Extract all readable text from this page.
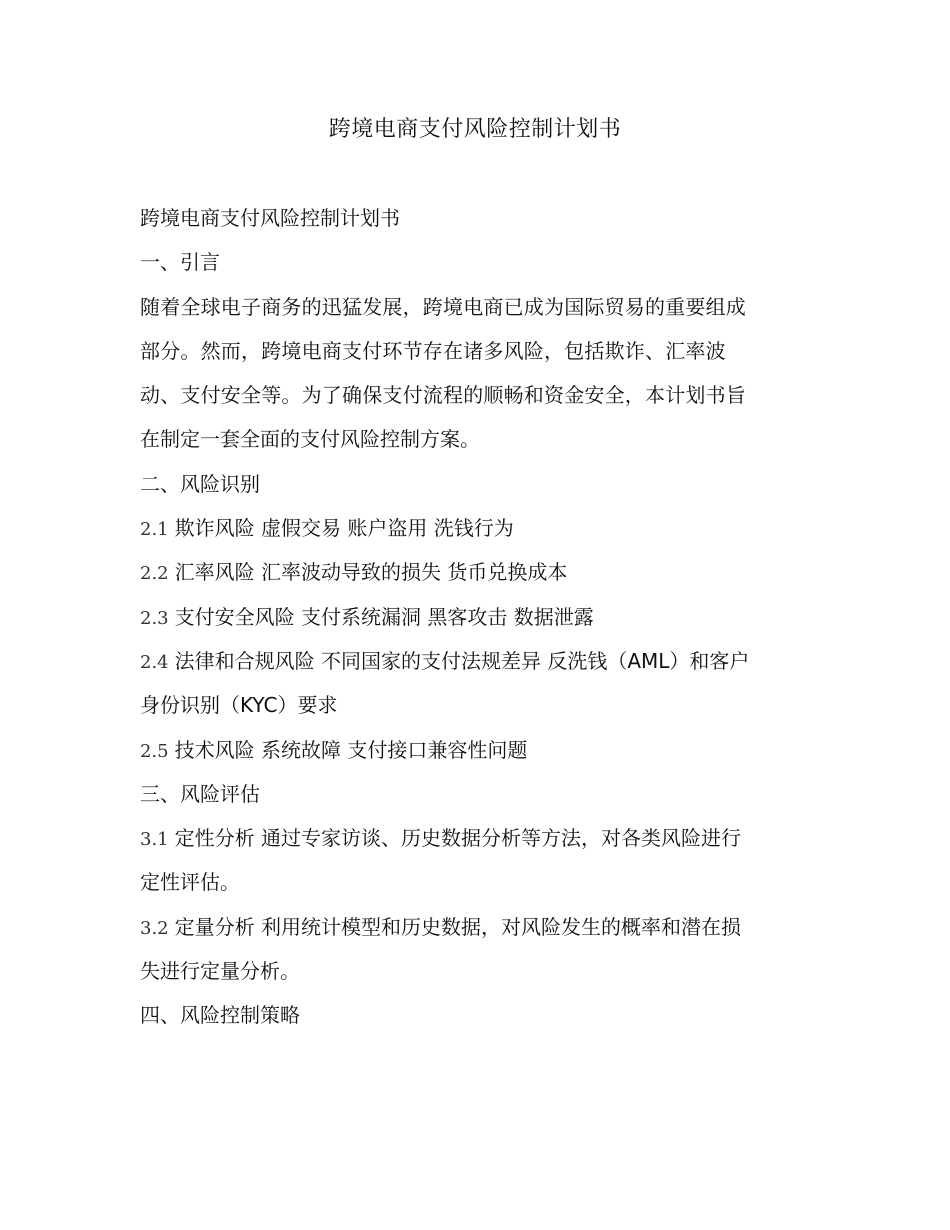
跨境电商支付风险控制计划书
跨境电商支付风险控制计划书
一、引言
随着全球电子商务的迅猛发展，跨境电商已成为国际贸易的重要组成
部分。然而，跨境电商支付环节存在诸多风险，包括欺诈、汇率波
动、支付安全等。为了确保支付流程的顺畅和资金安全，本计划书旨
在制定一套全面的支付风险控制方案。
二、风险识别
2.1 欺诈风险 虚假交易 账户盗用 洗钱行为
2.2 汇率风险 汇率波动导致的损失 货币兑换成本
2.3 支付安全风险 支付系统漏洞 黑客攻击 数据泄露
2.4 法律和合规风险 不同国家的支付法规差异 反洗钱（AML）和客户
身份识别（KYC）要求
2.5 技术风险 系统故障 支付接口兼容性问题
三、风险评估
3.1 定性分析 通过专家访谈、历史数据分析等方法，对各类风险进行
定性评估。
3.2 定量分析 利用统计模型和历史数据，对风险发生的概率和潜在损
失进行定量分析。
四、风险控制策略
